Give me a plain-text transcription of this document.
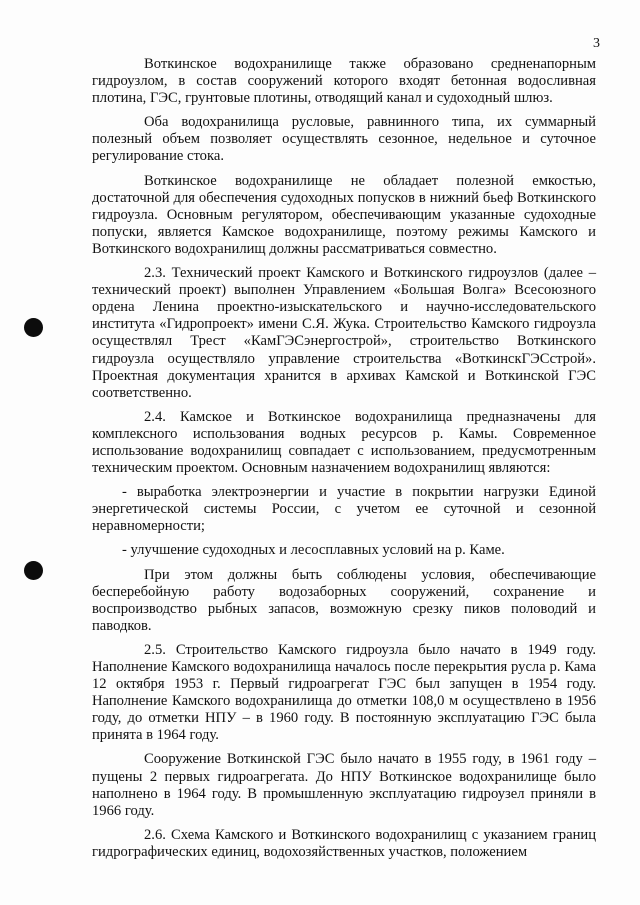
3

Воткинское водохранилище также образовано средненапорным гидроузлом, в состав сооружений которого входят бетонная водосливная плотина, ГЭС, грунтовые плотины, отводящий канал и судоходный шлюз.

Оба водохранилища русловые, равнинного типа, их суммарный полезный объем позволяет осуществлять сезонное, недельное и суточное регулирование стока.

Воткинское водохранилище не обладает полезной емкостью, достаточной для обеспечения судоходных попусков в нижний бьеф Воткинского гидроузла. Основным регулятором, обеспечивающим указанные судоходные попуски, является Камское водохранилище, поэтому режимы Камского и Воткинского водохранилищ должны рассматриваться совместно.

2.3. Технический проект Камского и Воткинского гидроузлов (далее – технический проект) выполнен Управлением «Большая Волга» Всесоюзного ордена Ленина проектно-изыскательского и научно-исследовательского института «Гидропроект» имени С.Я. Жука. Строительство Камского гидроузла осуществлял Трест «КамГЭСэнергострой», строительство Воткинского гидроузла осуществляло управление строительства «ВоткинскГЭСстрой». Проектная документация хранится в архивах Камской и Воткинской ГЭС соответственно.

2.4. Камское и Воткинское водохранилища предназначены для комплексного использования водных ресурсов р. Камы. Современное использование водохранилищ совпадает с использованием, предусмотренным техническим проектом. Основным назначением водохранилищ являются:

- выработка электроэнергии и участие в покрытии нагрузки Единой энергетической системы России, с учетом ее суточной и сезонной неравномерности;

- улучшение судоходных и лесосплавных условий на р. Каме.

При этом должны быть соблюдены условия, обеспечивающие бесперебойную работу водозаборных сооружений, сохранение и воспроизводство рыбных запасов, возможную срезку пиков половодий и паводков.

2.5. Строительство Камского гидроузла было начато в 1949 году. Наполнение Камского водохранилища началось после перекрытия русла р. Кама 12 октября 1953 г. Первый гидроагрегат ГЭС был запущен в 1954 году. Наполнение Камского водохранилища до отметки 108,0 м осуществлено в 1956 году, до отметки НПУ – в 1960 году. В постоянную эксплуатацию ГЭС была принята в 1964 году.

Сооружение Воткинской ГЭС было начато в 1955 году, в 1961 году – пущены 2 первых гидроагрегата. До НПУ Воткинское водохранилище было наполнено в 1964 году. В промышленную эксплуатацию гидроузел приняли в 1966 году.

2.6. Схема Камского и Воткинского водохранилищ с указанием границ гидрографических единиц, водохозяйственных участков, положением
